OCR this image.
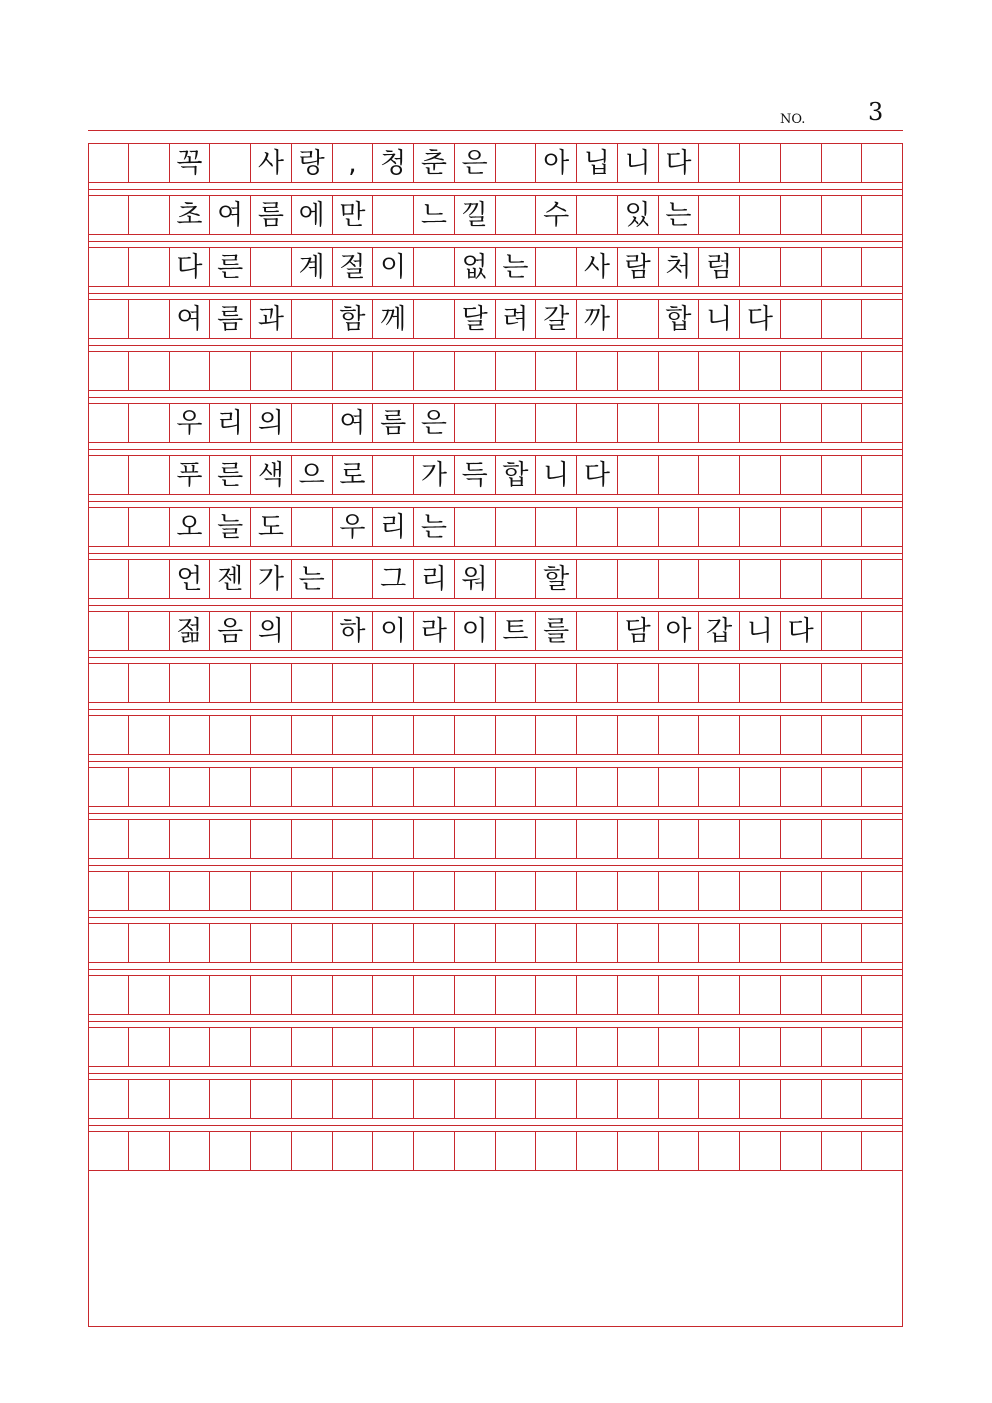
NO.	3
꼭 사 랑 , 청 춘 은 아 닙 니 다
초 여 름 에 만 느 낄 수 있 는
다 른 계 절 이 없 는 사 람 처 럼
여 름 과 함 께 달 려 갈 까 합 니 다
우 리 의 여 름 은
푸 른 색 으 로 가 득 합 니 다
오 늘 도 우 리 는
언 젠 가 는 그 리 워 할
젊 음 의 하 이 라 이 트 를 담 아 갑 니 다
